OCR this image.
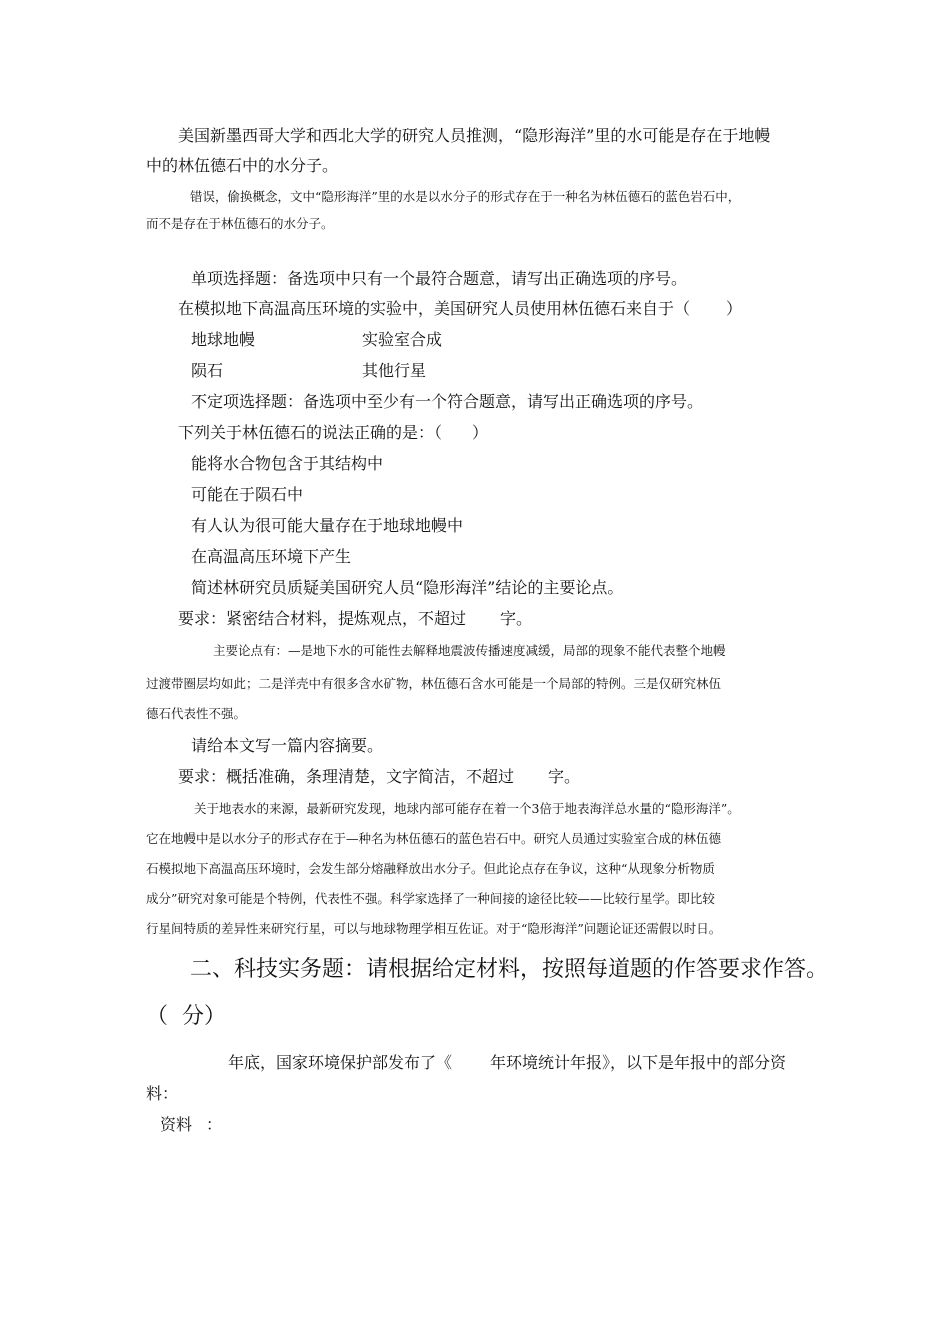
美国新墨西哥大学和西北大学的研究人员推测，“隐形海洋”里的水可能是存在于地幔
中的林伍德石中的水分子。
错误，偷换概念，文中“隐形海洋”里的水是以水分子的形式存在于一种名为林伍德石的蓝色岩石中，
而不是存在于林伍德石的水分子。
单项选择题：备选项中只有一个最符合题意，请写出正确选项的序号。
在模拟地下高温高压环境的实验中，美国研究人员使用林伍德石来自于（ ）
地球地幔	实验室合成
陨石	其他行星
不定项选择题：备选项中至少有一个符合题意，请写出正确选项的序号。
下列关于林伍德石的说法正确的是：（ ）
能将水合物包含于其结构中
可能在于陨石中
有人认为很可能大量存在于地球地幔中
在高温高压环境下产生
简述林研究员质疑美国研究人员“隐形海洋”结论的主要论点。
要求：紧密结合材料，提炼观点，不超过 字。
主要论点有：—是地下水的可能性去解释地震波传播速度减缓，局部的现象不能代表整个地幔
过渡带圈层均如此；二是洋壳中有很多含水矿物，林伍德石含水可能是一个局部的特例。三是仅研究林伍
德石代表性不强。
请给本文写一篇内容摘要。
要求：概括准确，条理清楚，文字简洁，不超过 字。
关于地表水的来源，最新研究发现，地球内部可能存在着一个3倍于地表海洋总水量的“隐形海洋”。
它在地幔中是以水分子的形式存在于—种名为林伍德石的蓝色岩石中。研究人员通过实验室合成的林伍德
石模拟地下高温高压环境时，会发生部分熔融释放出水分子。但此论点存在争议，这种“从现象分析物质
成分”研究对象可能是个特例，代表性不强。科学家选择了一种间接的途径比较——比较行星学。即比较
行星间特质的差异性来研究行星，可以与地球物理学相互佐证。对于“隐形海洋”问题论证还需假以时日。
二、科技实务题：请根据给定材料，按照每道题的作答要求作答。
（ 分）
年底，国家环境保护部发布了《 年环境统计年报》，以下是年报中的部分资
料：
资料 ：
